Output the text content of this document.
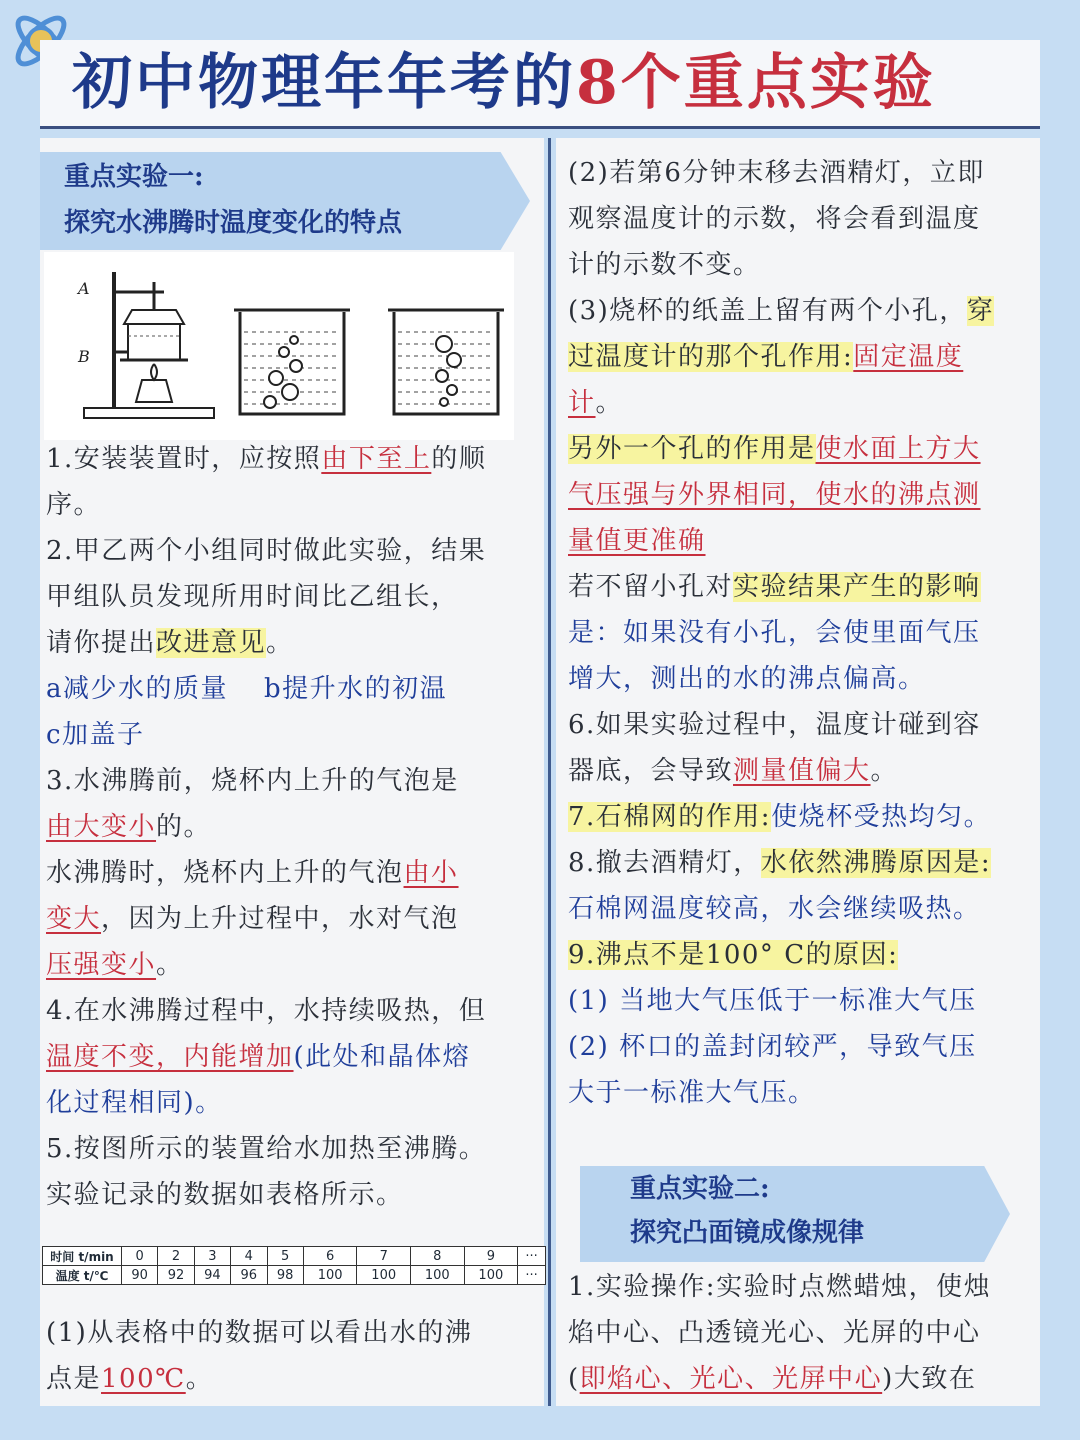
初中物理年年考的8个重点实验
重点实验一:
探究水沸腾时温度变化的特点
A
B
1.安装装置时，应按照由下至上的顺
序。
2.甲乙两个小组同时做此实验，结果
甲组队员发现所用时间比乙组长，
请你提出改进意见。
a减少水的质量 b提升水的初温
c加盖子
3.水沸腾前，烧杯内上升的气泡是
由大变小的。
水沸腾时，烧杯内上升的气泡由小
变大，因为上升过程中，水对气泡
压强变小。
4.在水沸腾过程中，水持续吸热，但
温度不变，内能增加(此处和晶体熔
化过程相同)。
5.按图所示的装置给水加热至沸腾。
实验记录的数据如表格所示。
时间 t/min	0	2	3	4	5	6	7	8	9	···
温度 t/℃	90	92	94	96	98	100	100	100	100	···
(1)从表格中的数据可以看出水的沸
点是100℃。
(2)若第6分钟末移去酒精灯，立即
观察温度计的示数，将会看到温度
计的示数不变。
(3)烧杯的纸盖上留有两个小孔，穿
过温度计的那个孔作用:固定温度
计。
另外一个孔的作用是使水面上方大
气压强与外界相同，使水的沸点测
量值更准确
若不留小孔对实验结果产生的影响
是：如果没有小孔，会使里面气压
增大，测出的水的沸点偏高。
6.如果实验过程中，温度计碰到容
器底，会导致测量值偏大。
7.石棉网的作用:使烧杯受热均匀。
8.撤去酒精灯，水依然沸腾原因是:
石棉网温度较高，水会继续吸热。
9.沸点不是100° C的原因:
(1) 当地大气压低于一标准大气压
(2) 杯口的盖封闭较严，导致气压
大于一标准大气压。
重点实验二:
探究凸面镜成像规律
1.实验操作:实验时点燃蜡烛，使烛
焰中心、凸透镜光心、光屏的中心
(即焰心、光心、光屏中心)大致在
